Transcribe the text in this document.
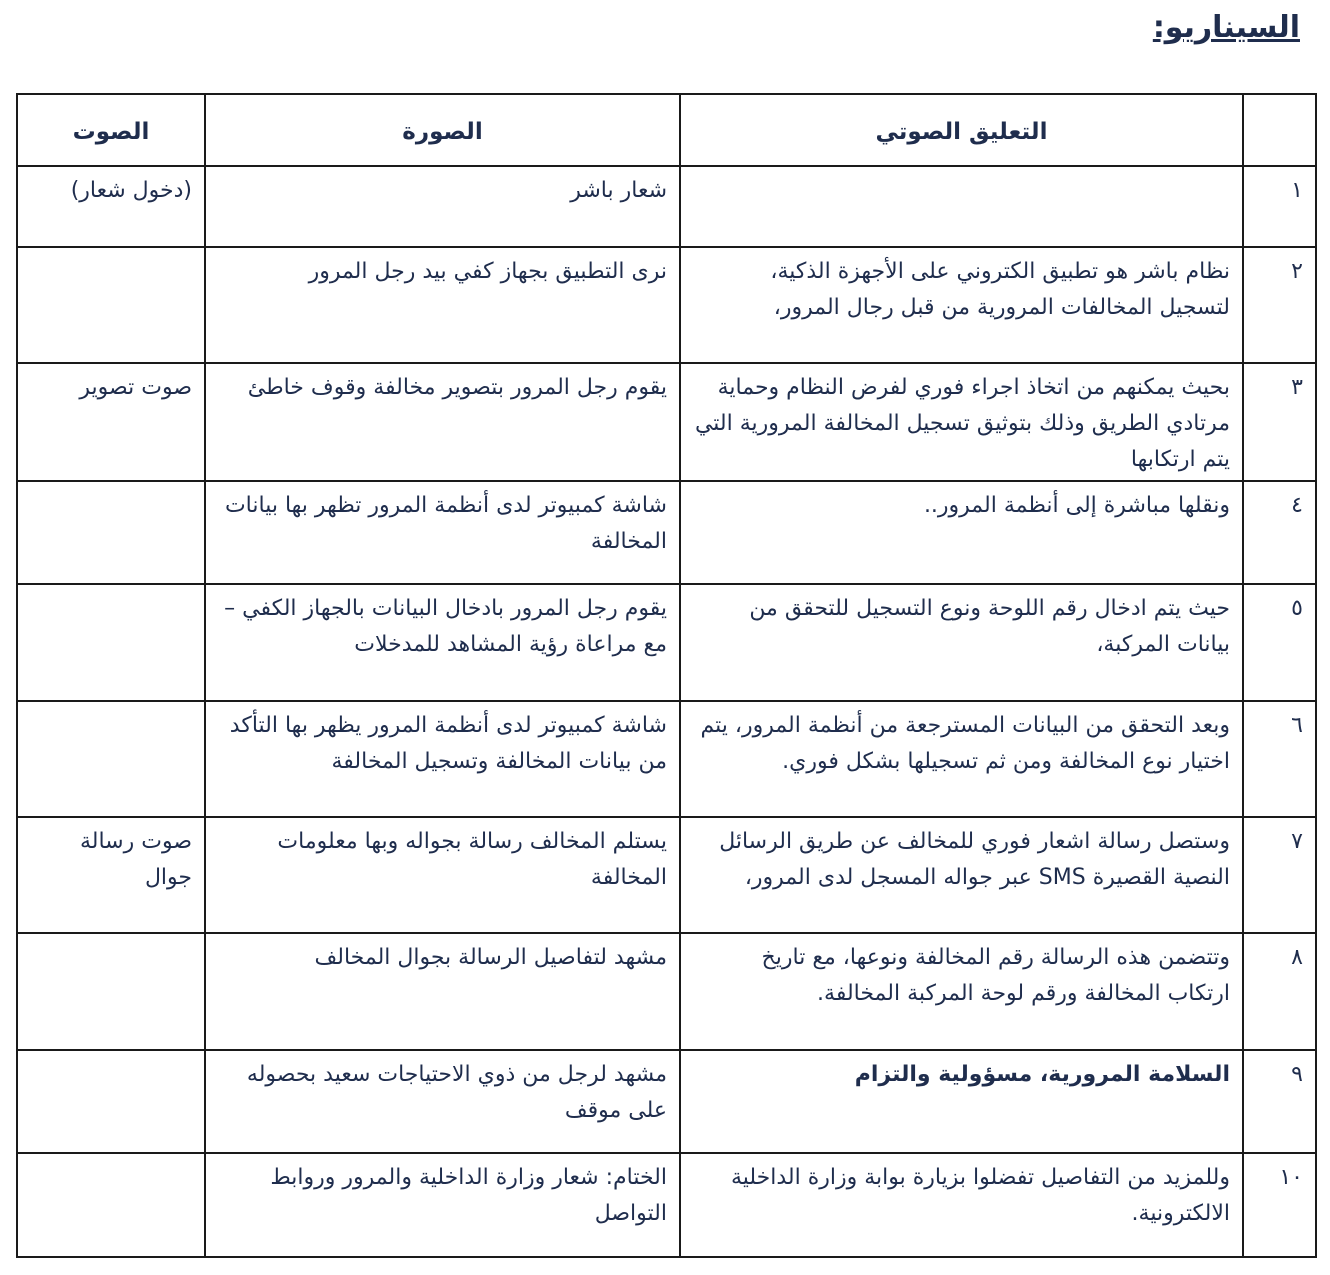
السيناريو:
	التعليق الصوتي	الصورة	الصوت
١		شعار باشر	(دخول شعار)
٢	نظام باشر هو تطبيق الكتروني على الأجهزة الذكية، لتسجيل المخالفات المرورية من قبل رجال المرور،	نرى التطبيق بجهاز كفي بيد رجل المرور	
٣	بحيث يمكنهم من اتخاذ اجراء فوري لفرض النظام وحماية مرتادي الطريق وذلك بتوثيق تسجيل المخالفة المرورية التي يتم ارتكابها	يقوم رجل المرور بتصوير مخالفة وقوف خاطئ	صوت تصوير
٤	ونقلها مباشرة إلى أنظمة المرور..	شاشة كمبيوتر لدى أنظمة المرور تظهر بها بيانات المخالفة	
٥	حيث يتم ادخال رقم اللوحة ونوع التسجيل للتحقق من بيانات المركبة،	يقوم رجل المرور بادخال البيانات بالجهاز الكفي – مع مراعاة رؤية المشاهد للمدخلات	
٦	وبعد التحقق من البيانات المسترجعة من أنظمة المرور، يتم اختيار نوع المخالفة ومن ثم تسجيلها بشكل فوري.	شاشة كمبيوتر لدى أنظمة المرور يظهر بها التأكد من بيانات المخالفة وتسجيل المخالفة	
٧	وستصل رسالة اشعار فوري للمخالف عن طريق الرسائل النصية القصيرة SMS عبر جواله المسجل لدى المرور،	يستلم المخالف رسالة بجواله وبها معلومات المخالفة	صوت رسالة جوال
٨	وتتضمن هذه الرسالة رقم المخالفة ونوعها، مع تاريخ ارتكاب المخالفة ورقم لوحة المركبة المخالفة.	مشهد لتفاصيل الرسالة بجوال المخالف	
٩	السلامة المرورية، مسؤولية والتزام	مشهد لرجل من ذوي الاحتياجات سعيد بحصوله على موقف	
١٠	وللمزيد من التفاصيل تفضلوا بزيارة بوابة وزارة الداخلية الالكترونية.	الختام: شعار وزارة الداخلية والمرور وروابط التواصل	
